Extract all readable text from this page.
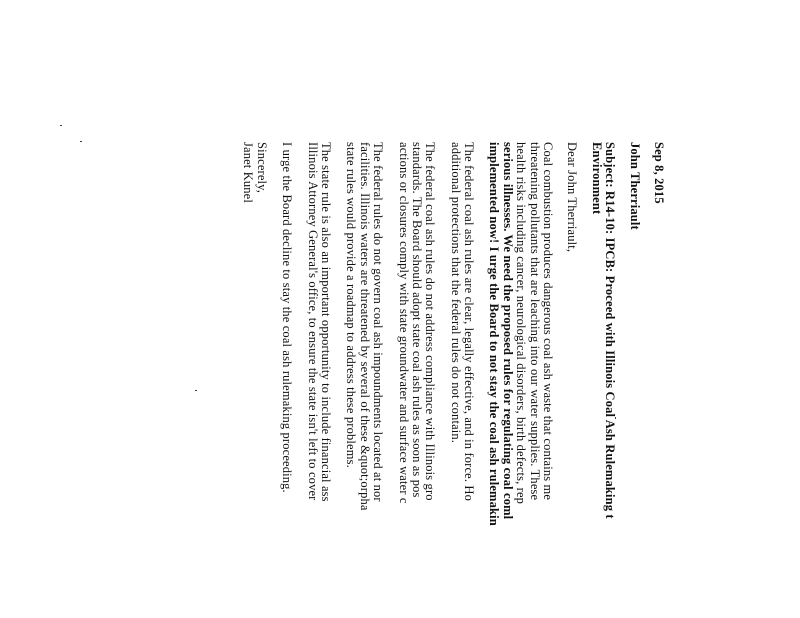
Sep 8, 2015
John Therriault
Subject: R14-10: IPCB: Proceed with Illinois Coal Ash Rulemaking t
Environment
Dear John Therriault,
Coal combustion produces dangerous coal ash waste that contains me
threatening pollutants that are leaching into our water supplies. These
health risks including cancer, neurological disorders, birth defects, rep
serious illnesses. We need the proposed rules for regulating coal coml
implemented now! I urge the Board to not stay the coal ash rulemakin
The federal coal ash rules are clear, legally effective, and in force. Ho
additional protections that the federal rules do not contain.
The federal coal ash rules do not address compliance with Illinois gro
standards. The Board should adopt state coal ash rules as soon as pos
actions or closures comply with state groundwater and surface water c
The federal rules do not govern coal ash impoundments located at nor
facilities. Illinois waters are threatened by several of these &quot;orpha
state rules would provide a roadmap to address these problems.
The state rule is also an important opportunity to include financial ass
Illinois Attorney General's office, to ensure the state isn't left to cover
I urge the Board decline to stay the coal ash rulemaking proceeding.
Sincerely,
Janet Kunel
